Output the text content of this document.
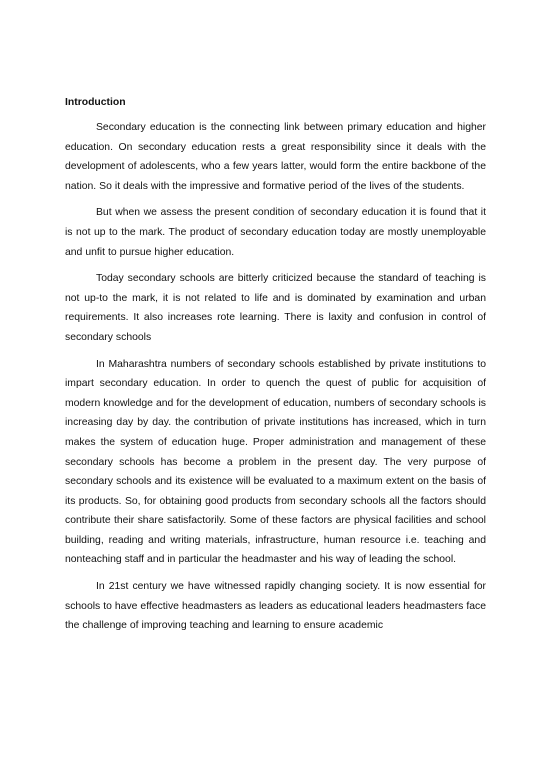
Introduction

Secondary education is the connecting link between primary education and higher education. On secondary education rests a great responsibility since it deals with the development of adolescents, who a few years latter, would form the entire backbone of the nation. So it deals with the impressive and formative period of the lives of the students.

But when we assess the present condition of secondary education it is found that it is not up to the mark. The product of secondary education today are mostly unemployable and unfit to pursue higher education.

Today secondary schools are bitterly criticized because the standard of teaching is not up-to the mark, it is not related to life and is dominated by examination and urban requirements. It also increases rote learning. There is laxity and confusion in control of secondary schools

In Maharashtra numbers of secondary schools established by private institutions to impart secondary education. In order to quench the quest of public for acquisition of modern knowledge and for the development of education, numbers of secondary schools is increasing day by day. the contribution of private institutions has increased, which in turn makes the system of education huge. Proper administration and management of these secondary schools has become a problem in the present day. The very purpose of secondary schools and its existence will be evaluated to a maximum extent on the basis of its products. So, for obtaining good products from secondary schools all the factors should contribute their share satisfactorily. Some of these factors are physical facilities and school building, reading and writing materials, infrastructure, human resource i.e. teaching and nonteaching staff and in particular the headmaster and his way of leading the school.

In 21st century we have witnessed rapidly changing society. It is now essential for schools to have effective headmasters as leaders as educational leaders headmasters face the challenge of improving teaching and learning to ensure academic
